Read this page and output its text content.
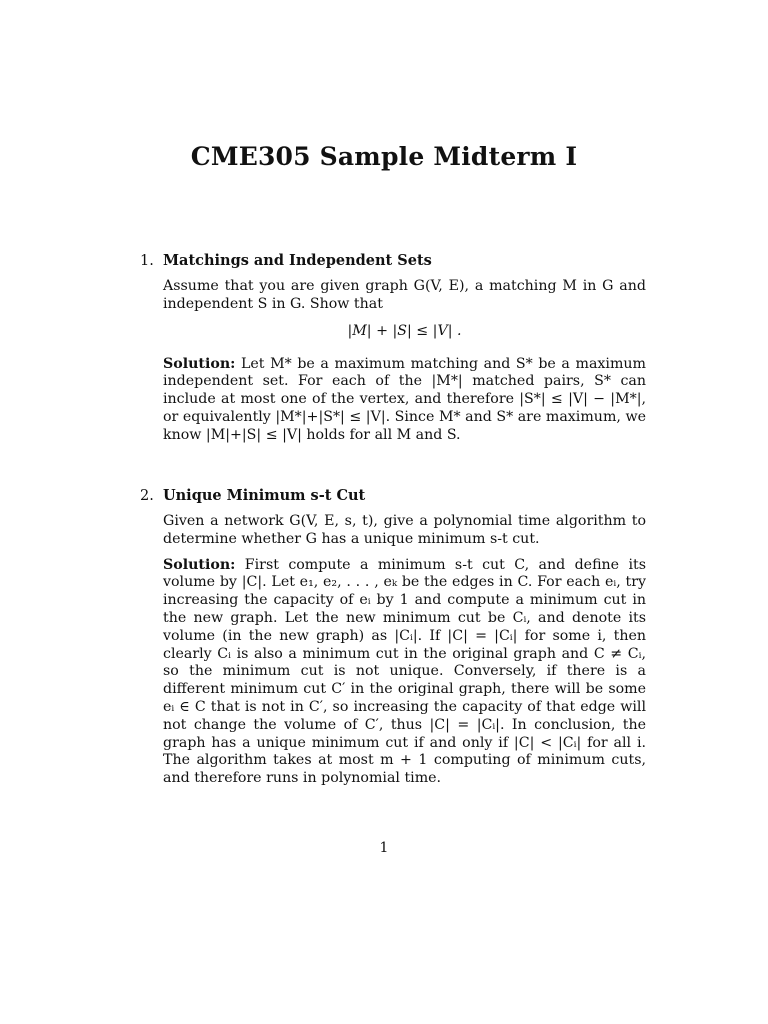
CME305 Sample Midterm I
1. Matchings and Independent Sets

Assume that you are given graph G(V, E), a matching M in G and independent S in G. Show that

|M| + |S| ≤ |V| .

Solution: Let M* be a maximum matching and S* be a maximum independent set. For each of the |M*| matched pairs, S* can include at most one of the vertex, and therefore |S*| ≤ |V| − |M*|, or equivalently |M*|+|S*| ≤ |V|. Since M* and S* are maximum, we know |M|+|S| ≤ |V| holds for all M and S.

2. Unique Minimum s-t Cut

Given a network G(V, E, s, t), give a polynomial time algorithm to determine whether G has a unique minimum s-t cut.

Solution: First compute a minimum s-t cut C, and define its volume by |C|. Let e₁, e₂, . . . , eₖ be the edges in C. For each eᵢ, try increasing the capacity of eᵢ by 1 and compute a minimum cut in the new graph. Let the new minimum cut be Cᵢ, and denote its volume (in the new graph) as |Cᵢ|. If |C| = |Cᵢ| for some i, then clearly Cᵢ is also a minimum cut in the original graph and C ≠ Cᵢ, so the minimum cut is not unique. Conversely, if there is a different minimum cut C′ in the original graph, there will be some eᵢ ∈ C that is not in C′, so increasing the capacity of that edge will not change the volume of C′, thus |C| = |Cᵢ|. In conclusion, the graph has a unique minimum cut if and only if |C| < |Cᵢ| for all i. The algorithm takes at most m + 1 computing of minimum cuts, and therefore runs in polynomial time.

1
